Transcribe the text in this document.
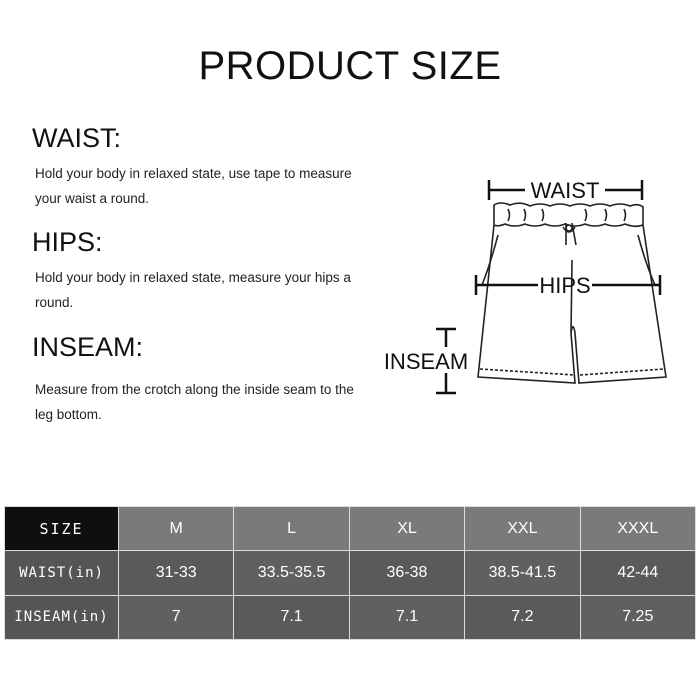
PRODUCT SIZE
WAIST:
Hold your body in relaxed state, use tape to measure your waist a round.
HIPS:
Hold your body in relaxed state, measure your hips a round.
INSEAM:
Measure from the crotch along the inside seam to the leg bottom.
WAIST
HIPS
INSEAM
SIZE	M	L	XL	XXL	XXXL
WAIST(in)	31-33	33.5-35.5	36-38	38.5-41.5	42-44
INSEAM(in)	7	7.1	7.1	7.2	7.25
